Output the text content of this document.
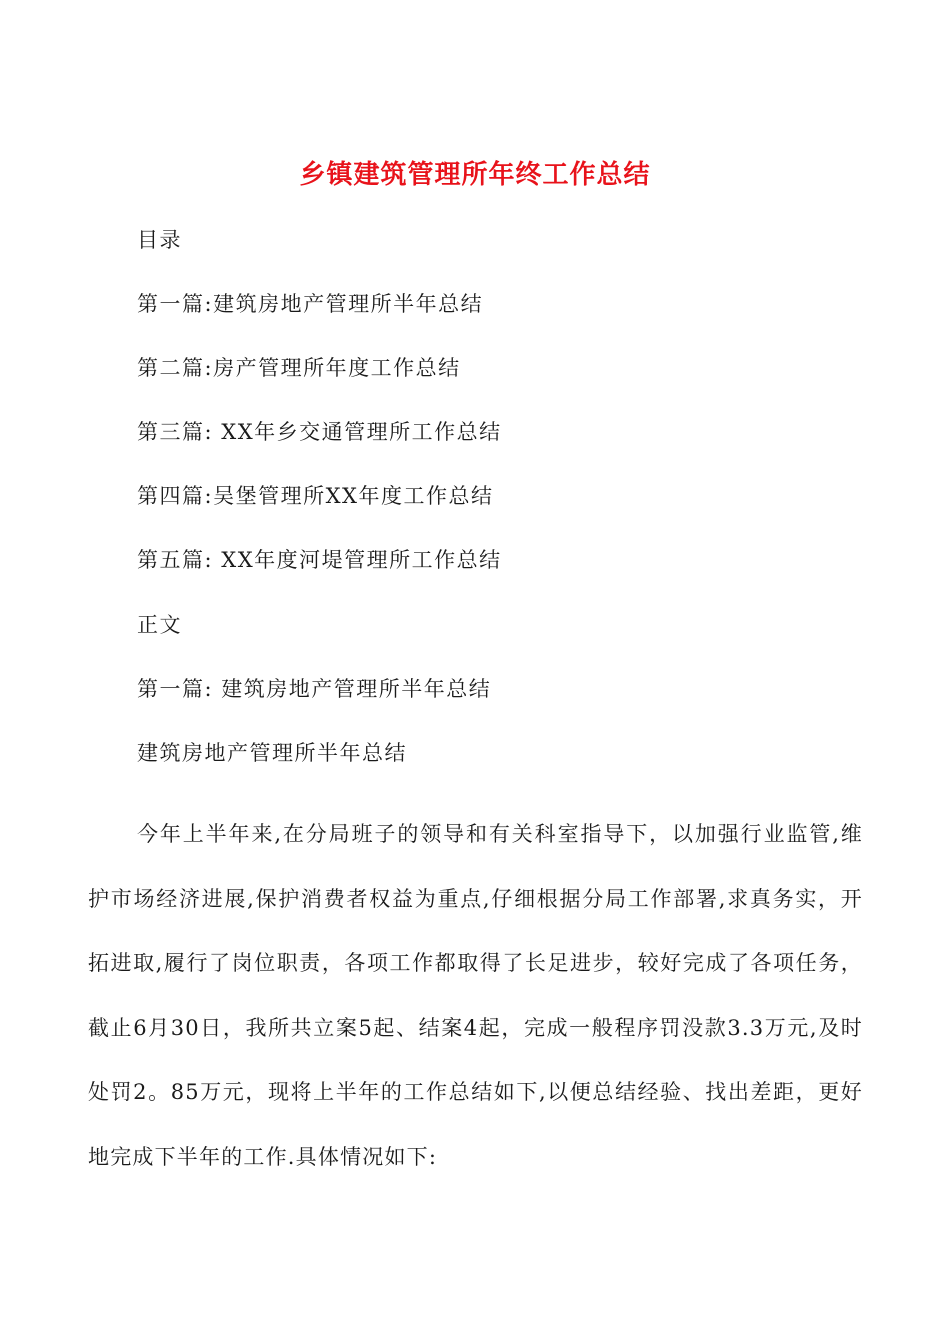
乡镇建筑管理所年终工作总结
目录
第一篇:建筑房地产管理所半年总结
第二篇:房产管理所年度工作总结
第三篇: XX年乡交通管理所工作总结
第四篇:吴堡管理所XX年度工作总结
第五篇: XX年度河堤管理所工作总结
正文
第一篇: 建筑房地产管理所半年总结
建筑房地产管理所半年总结
今年上半年来,在分局班子的领导和有关科室指导下，以加强行业监管,维护市场经济进展,保护消费者权益为重点,仔细根据分局工作部署,求真务实，开拓进取,履行了岗位职责，各项工作都取得了长足进步，较好完成了各项任务，截止6月30日，我所共立案5起、结案4起，完成一般程序罚没款3.3万元,及时处罚2。85万元，现将上半年的工作总结如下,以便总结经验、找出差距，更好地完成下半年的工作.具体情况如下:
